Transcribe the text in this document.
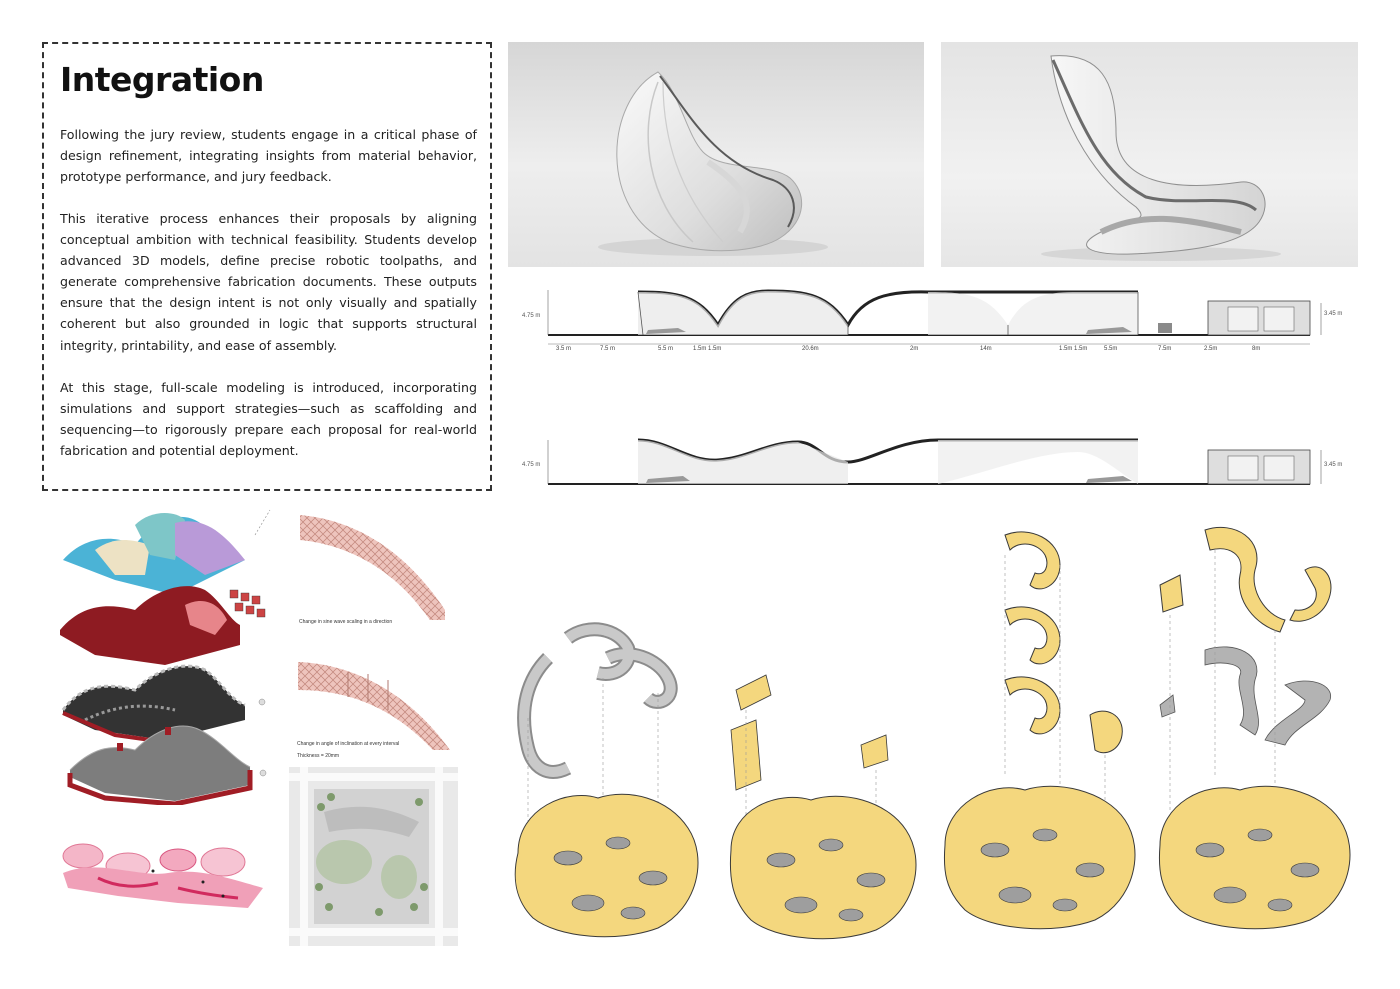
Integration

Following the jury review, students engage in a critical phase of design refinement, integrating insights from material behavior, prototype performance, and jury feedback.

This iterative process enhances their proposals by aligning conceptual ambition with technical feasibility. Students develop advanced 3D models, define precise robotic toolpaths, and generate comprehensive fabrication documents. These outputs ensure that the design intent is not only visually and spatially coherent but also grounded in logic that supports structural integrity, printability, and ease of assembly.

At this stage, full-scale modeling is introduced, incorporating simulations and support strategies—such as scaffolding and sequencing—to rigorously prepare each proposal for real-world fabrication and potential deployment.

4.75 m	3.45 m
3.5 m	7.5 m	5.5 m	1.5m 1.5m	20.6m	2m	14m	1.5m 1.5m	5.5m	7.5m	2.5m	8m
4.75 m	3.45 m
Change in sine wave scaling in a direction
Change in angle of inclination at every interval
Thickness = 20mm
